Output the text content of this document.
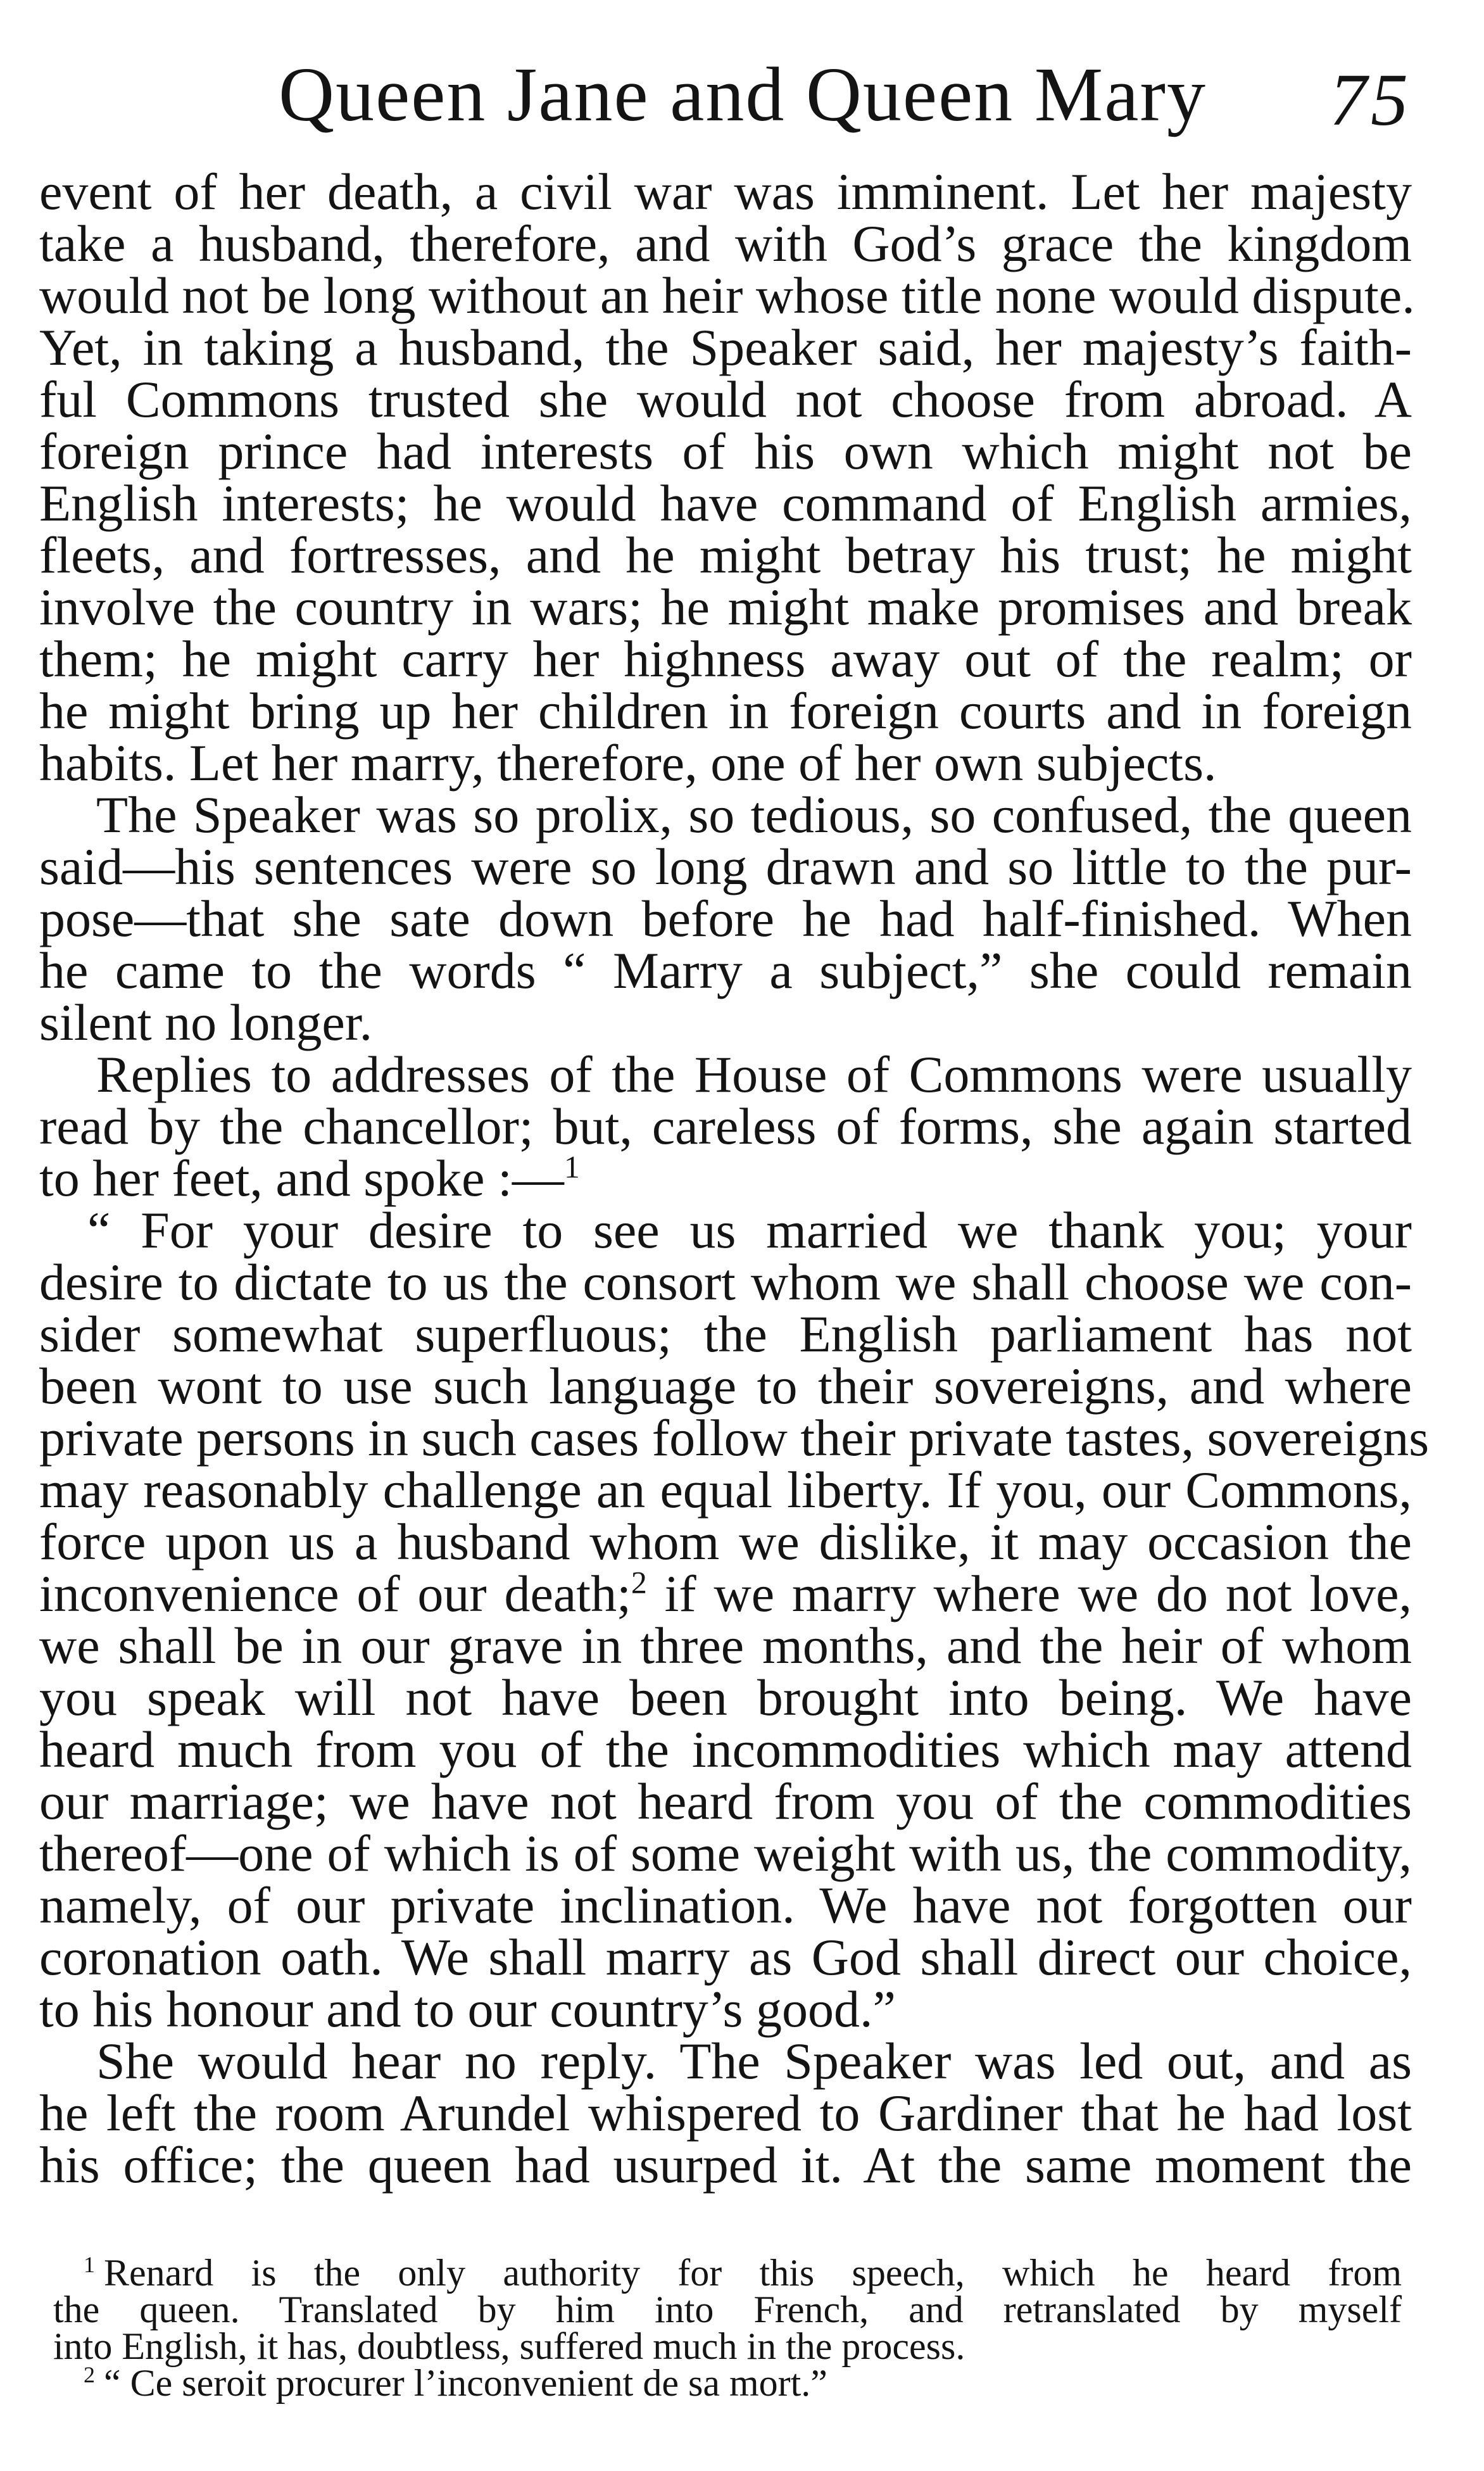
Queen Jane and Queen Mary 75
event of her death, a civil war was imminent. Let her majesty
take a husband, therefore, and with God’s grace the kingdom
would not be long without an heir whose title none would dispute.
Yet, in taking a husband, the Speaker said, her majesty’s faith-
ful Commons trusted she would not choose from abroad. A
foreign prince had interests of his own which might not be
English interests; he would have command of English armies,
fleets, and fortresses, and he might betray his trust; he might
involve the country in wars; he might make promises and break
them; he might carry her highness away out of the realm; or
he might bring up her children in foreign courts and in foreign
habits. Let her marry, therefore, one of her own subjects.
The Speaker was so prolix, so tedious, so confused, the queen
said—his sentences were so long drawn and so little to the pur-
pose—that she sate down before he had half-finished. When
he came to the words “ Marry a subject,” she could remain
silent no longer.
Replies to addresses of the House of Commons were usually
read by the chancellor; but, careless of forms, she again started
to her feet, and spoke :—$^1$
“ For your desire to see us married we thank you; your
desire to dictate to us the consort whom we shall choose we con-
sider somewhat superfluous; the English parliament has not
been wont to use such language to their sovereigns, and where
private persons in such cases follow their private tastes, sovereigns
may reasonably challenge an equal liberty. If you, our Commons,
force upon us a husband whom we dislike, it may occasion the
inconvenience of our death;$^2$ if we marry where we do not love,
we shall be in our grave in three months, and the heir of whom
you speak will not have been brought into being. We have
heard much from you of the incommodities which may attend
our marriage; we have not heard from you of the commodities
thereof—one of which is of some weight with us, the commodity,
namely, of our private inclination. We have not forgotten our
coronation oath. We shall marry as God shall direct our choice,
to his honour and to our country’s good.”
She would hear no reply. The Speaker was led out, and as
he left the room Arundel whispered to Gardiner that he had lost
his office; the queen had usurped it. At the same moment the
$^1$ Renard is the only authority for this speech, which he heard from
the queen. Translated by him into French, and retranslated by myself
into English, it has, doubtless, suffered much in the process.
$^2$ “ Ce seroit procurer l’inconvenient de sa mort.”
